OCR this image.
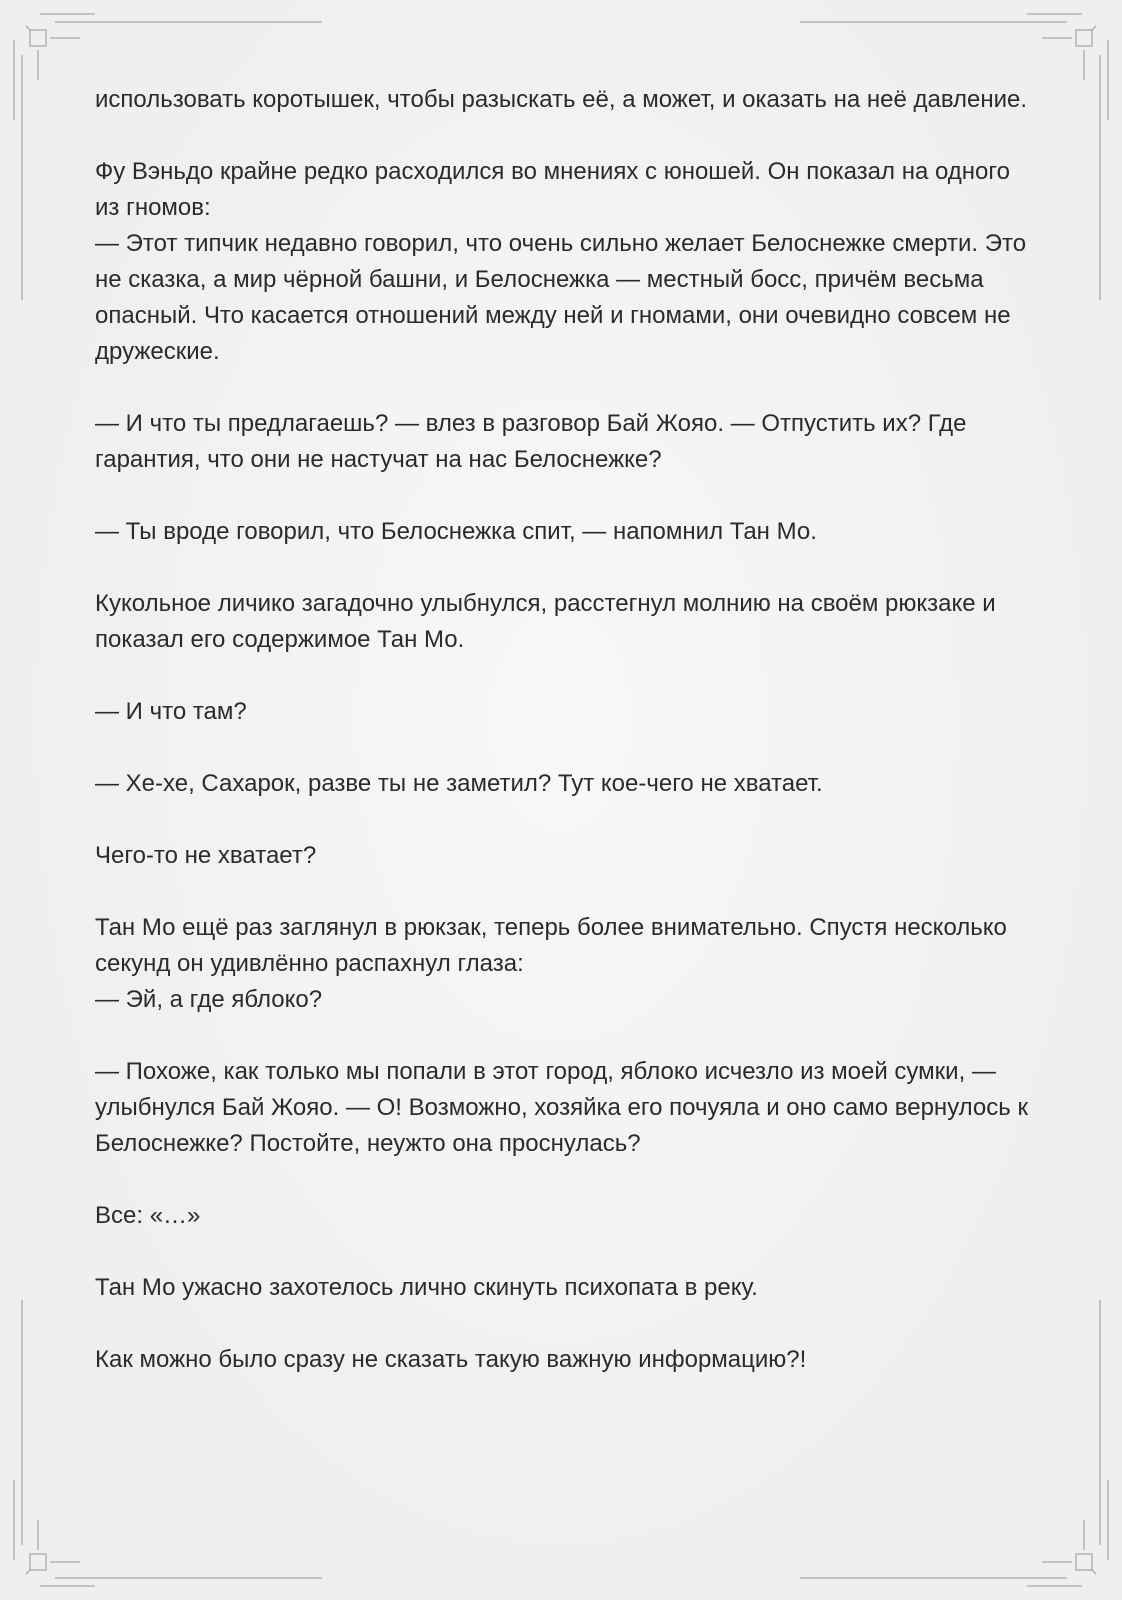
использовать коротышек, чтобы разыскать её, а может, и оказать на неё давление.

Фу Вэньдо крайне редко расходился во мнениях с юношей. Он показал на одного из гномов:
— Этот типчик недавно говорил, что очень сильно желает Белоснежке смерти. Это не сказка, а мир чёрной башни, и Белоснежка — местный босс, причём весьма опасный. Что касается отношений между ней и гномами, они очевидно совсем не дружеские.

— И что ты предлагаешь? — влез в разговор Бай Жояо. — Отпустить их? Где гарантия, что они не настучат на нас Белоснежке?

— Ты вроде говорил, что Белоснежка спит, — напомнил Тан Мо.

Кукольное личико загадочно улыбнулся, расстегнул молнию на своём рюкзаке и показал его содержимое Тан Мо.

— И что там?

— Хе-хе, Сахарок, разве ты не заметил? Тут кое-чего не хватает.

Чего-то не хватает?

Тан Мо ещё раз заглянул в рюкзак, теперь более внимательно. Спустя несколько секунд он удивлённо распахнул глаза:
— Эй, а где яблоко?

— Похоже, как только мы попали в этот город, яблоко исчезло из моей сумки, — улыбнулся Бай Жояо. — О! Возможно, хозяйка его почуяла и оно само вернулось к Белоснежке? Постойте, неужто она проснулась?

Все: «…»

Тан Мо ужасно захотелось лично скинуть психопата в реку.

Как можно было сразу не сказать такую важную информацию?!
